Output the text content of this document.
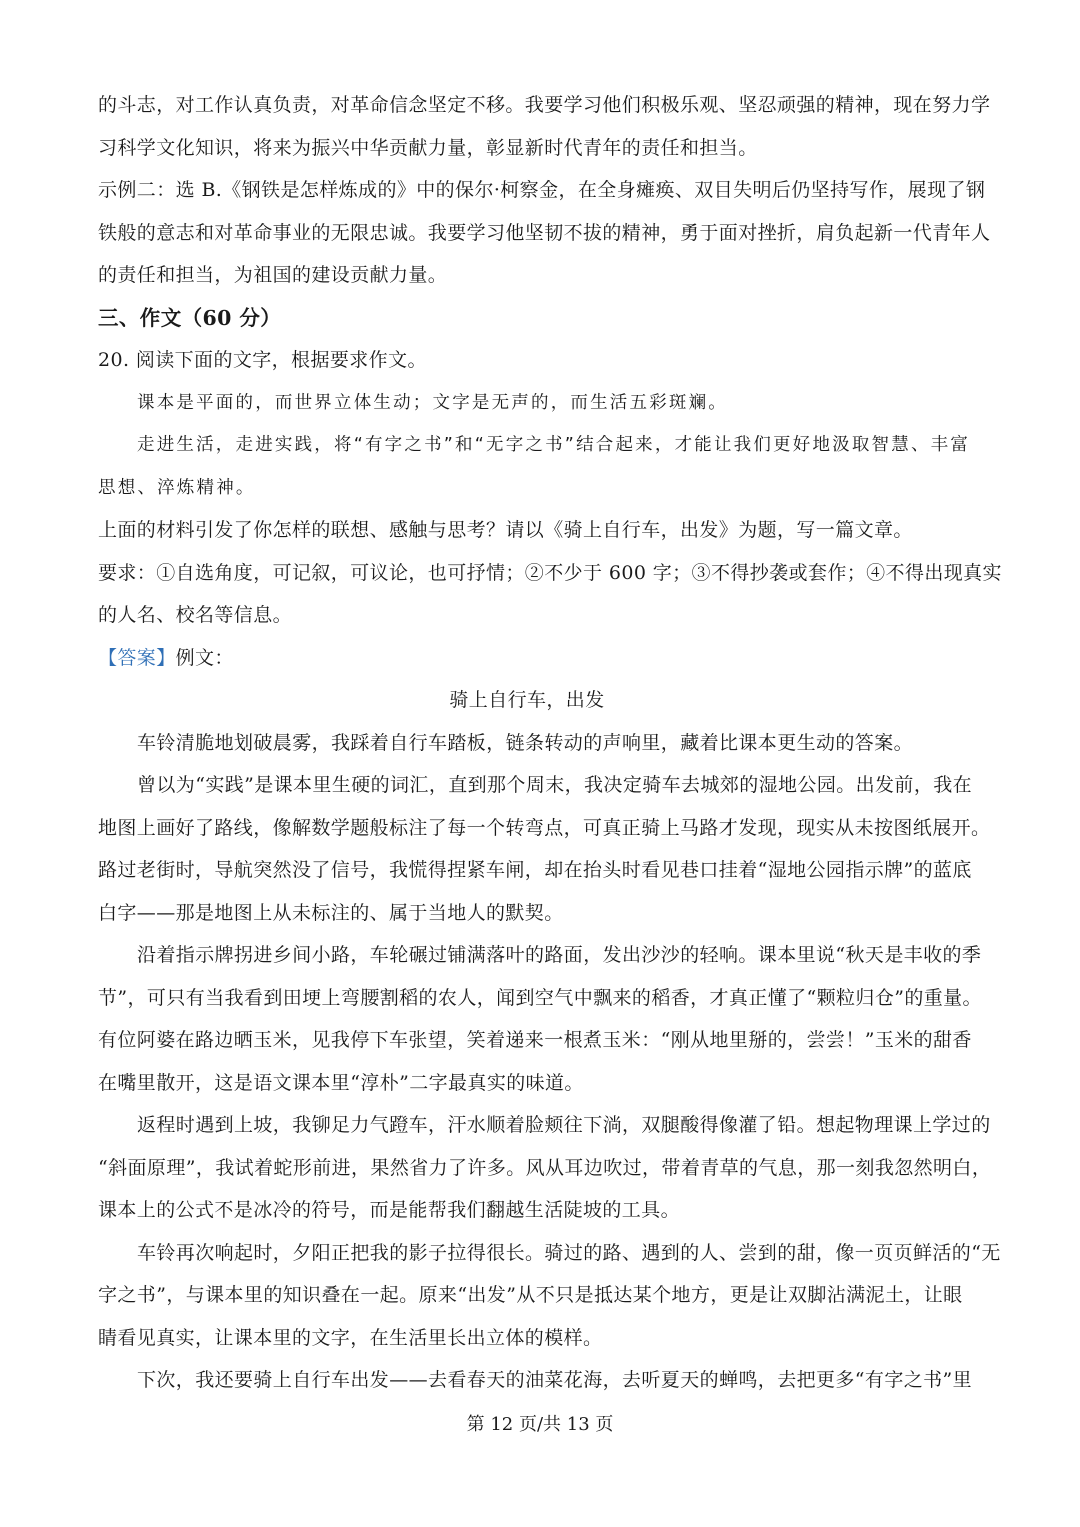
的斗志，对工作认真负责，对革命信念坚定不移。我要学习他们积极乐观、坚忍顽强的精神，现在努力学
习科学文化知识，将来为振兴中华贡献力量，彰显新时代青年的责任和担当。
示例二：选 B.《钢铁是怎样炼成的》中的保尔·柯察金，在全身瘫痪、双目失明后仍坚持写作，展现了钢
铁般的意志和对革命事业的无限忠诚。我要学习他坚韧不拔的精神，勇于面对挫折，肩负起新一代青年人
的责任和担当，为祖国的建设贡献力量。
三、作文（60 分）
20. 阅读下面的文字，根据要求作文。
课本是平面的，而世界立体生动；文字是无声的，而生活五彩斑斓。
走进生活，走进实践，将“有字之书”和“无字之书”结合起来，才能让我们更好地汲取智慧、丰富
思想、淬炼精神。
上面的材料引发了你怎样的联想、感触与思考？请以《骑上自行车，出发》为题，写一篇文章。
要求：①自选角度，可记叙，可议论，也可抒情；②不少于 600 字；③不得抄袭或套作；④不得出现真实
的人名、校名等信息。
【答案】例文：
骑上自行车，出发
车铃清脆地划破晨雾，我踩着自行车踏板，链条转动的声响里，藏着比课本更生动的答案。
曾以为“实践”是课本里生硬的词汇，直到那个周末，我决定骑车去城郊的湿地公园。出发前，我在
地图上画好了路线，像解数学题般标注了每一个转弯点，可真正骑上马路才发现，现实从未按图纸展开。
路过老街时，导航突然没了信号，我慌得捏紧车闸，却在抬头时看见巷口挂着“湿地公园指示牌”的蓝底
白字——那是地图上从未标注的、属于当地人的默契。
沿着指示牌拐进乡间小路，车轮碾过铺满落叶的路面，发出沙沙的轻响。课本里说“秋天是丰收的季
节”，可只有当我看到田埂上弯腰割稻的农人，闻到空气中飘来的稻香，才真正懂了“颗粒归仓”的重量。
有位阿婆在路边晒玉米，见我停下车张望，笑着递来一根煮玉米：“刚从地里掰的，尝尝！”玉米的甜香
在嘴里散开，这是语文课本里“淳朴”二字最真实的味道。
返程时遇到上坡，我铆足力气蹬车，汗水顺着脸颊往下淌，双腿酸得像灌了铅。想起物理课上学过的
“斜面原理”，我试着蛇形前进，果然省力了许多。风从耳边吹过，带着青草的气息，那一刻我忽然明白，
课本上的公式不是冰冷的符号，而是能帮我们翻越生活陡坡的工具。
车铃再次响起时，夕阳正把我的影子拉得很长。骑过的路、遇到的人、尝到的甜，像一页页鲜活的“无
字之书”，与课本里的知识叠在一起。原来“出发”从不只是抵达某个地方，更是让双脚沾满泥土，让眼
睛看见真实，让课本里的文字，在生活里长出立体的模样。
下次，我还要骑上自行车出发——去看春天的油菜花海，去听夏天的蝉鸣，去把更多“有字之书”里
第 12 页/共 13 页
